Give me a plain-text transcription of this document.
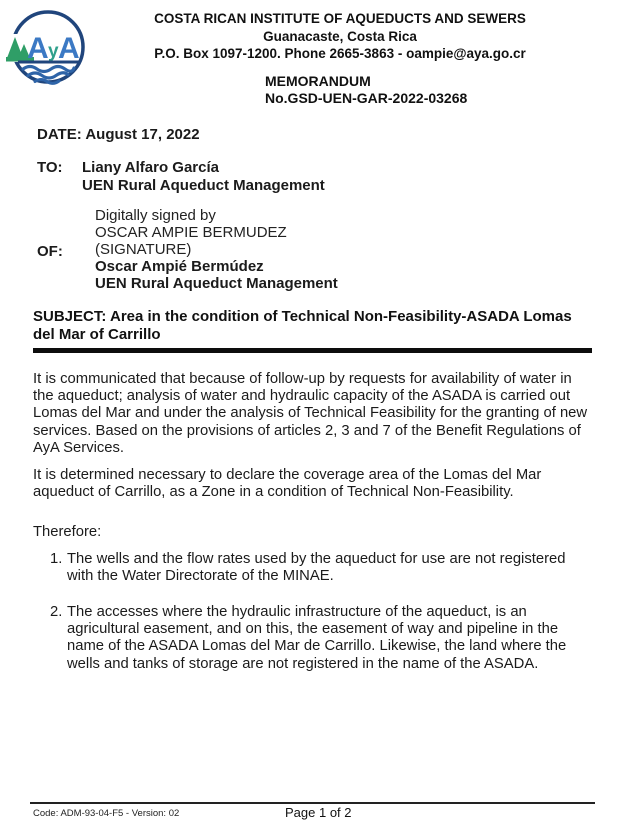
A y A
COSTA RICAN INSTITUTE OF AQUEDUCTS AND SEWERS
Guanacaste, Costa Rica
P.O. Box 1097-1200. Phone 2665-3863 - oampie@aya.go.cr
MEMORANDUM
No.GSD-UEN-GAR-2022-03268
DATE: August 17, 2022
TO:	Liany Alfaro García
UEN Rural Aqueduct Management
OF:
Digitally signed by
OSCAR AMPIE BERMUDEZ
(SIGNATURE)
Oscar Ampié Bermúdez
UEN Rural Aqueduct Management
SUBJECT: Area in the condition of Technical Non-Feasibility-ASADA Lomas del Mar of Carrillo
It is communicated that because of follow-up by requests for availability of water in the aqueduct; analysis of water and hydraulic capacity of the ASADA is carried out Lomas del Mar and under the analysis of Technical Feasibility for the granting of new services. Based on the provisions of articles 2, 3 and 7 of the Benefit Regulations of AyA Services.
It is determined necessary to declare the coverage area of the Lomas del Mar aqueduct of Carrillo, as a Zone in a condition of Technical Non-Feasibility.
Therefore:
1. The wells and the flow rates used by the aqueduct for use are not registered with the Water Directorate of the MINAE.
2. The accesses where the hydraulic infrastructure of the aqueduct, is an agricultural easement, and on this, the easement of way and pipeline in the name of the ASADA Lomas del Mar de Carrillo. Likewise, the land where the wells and tanks of storage are not registered in the name of the ASADA.
Code: ADM-93-04-F5 - Version: 02	Page 1 of 2
